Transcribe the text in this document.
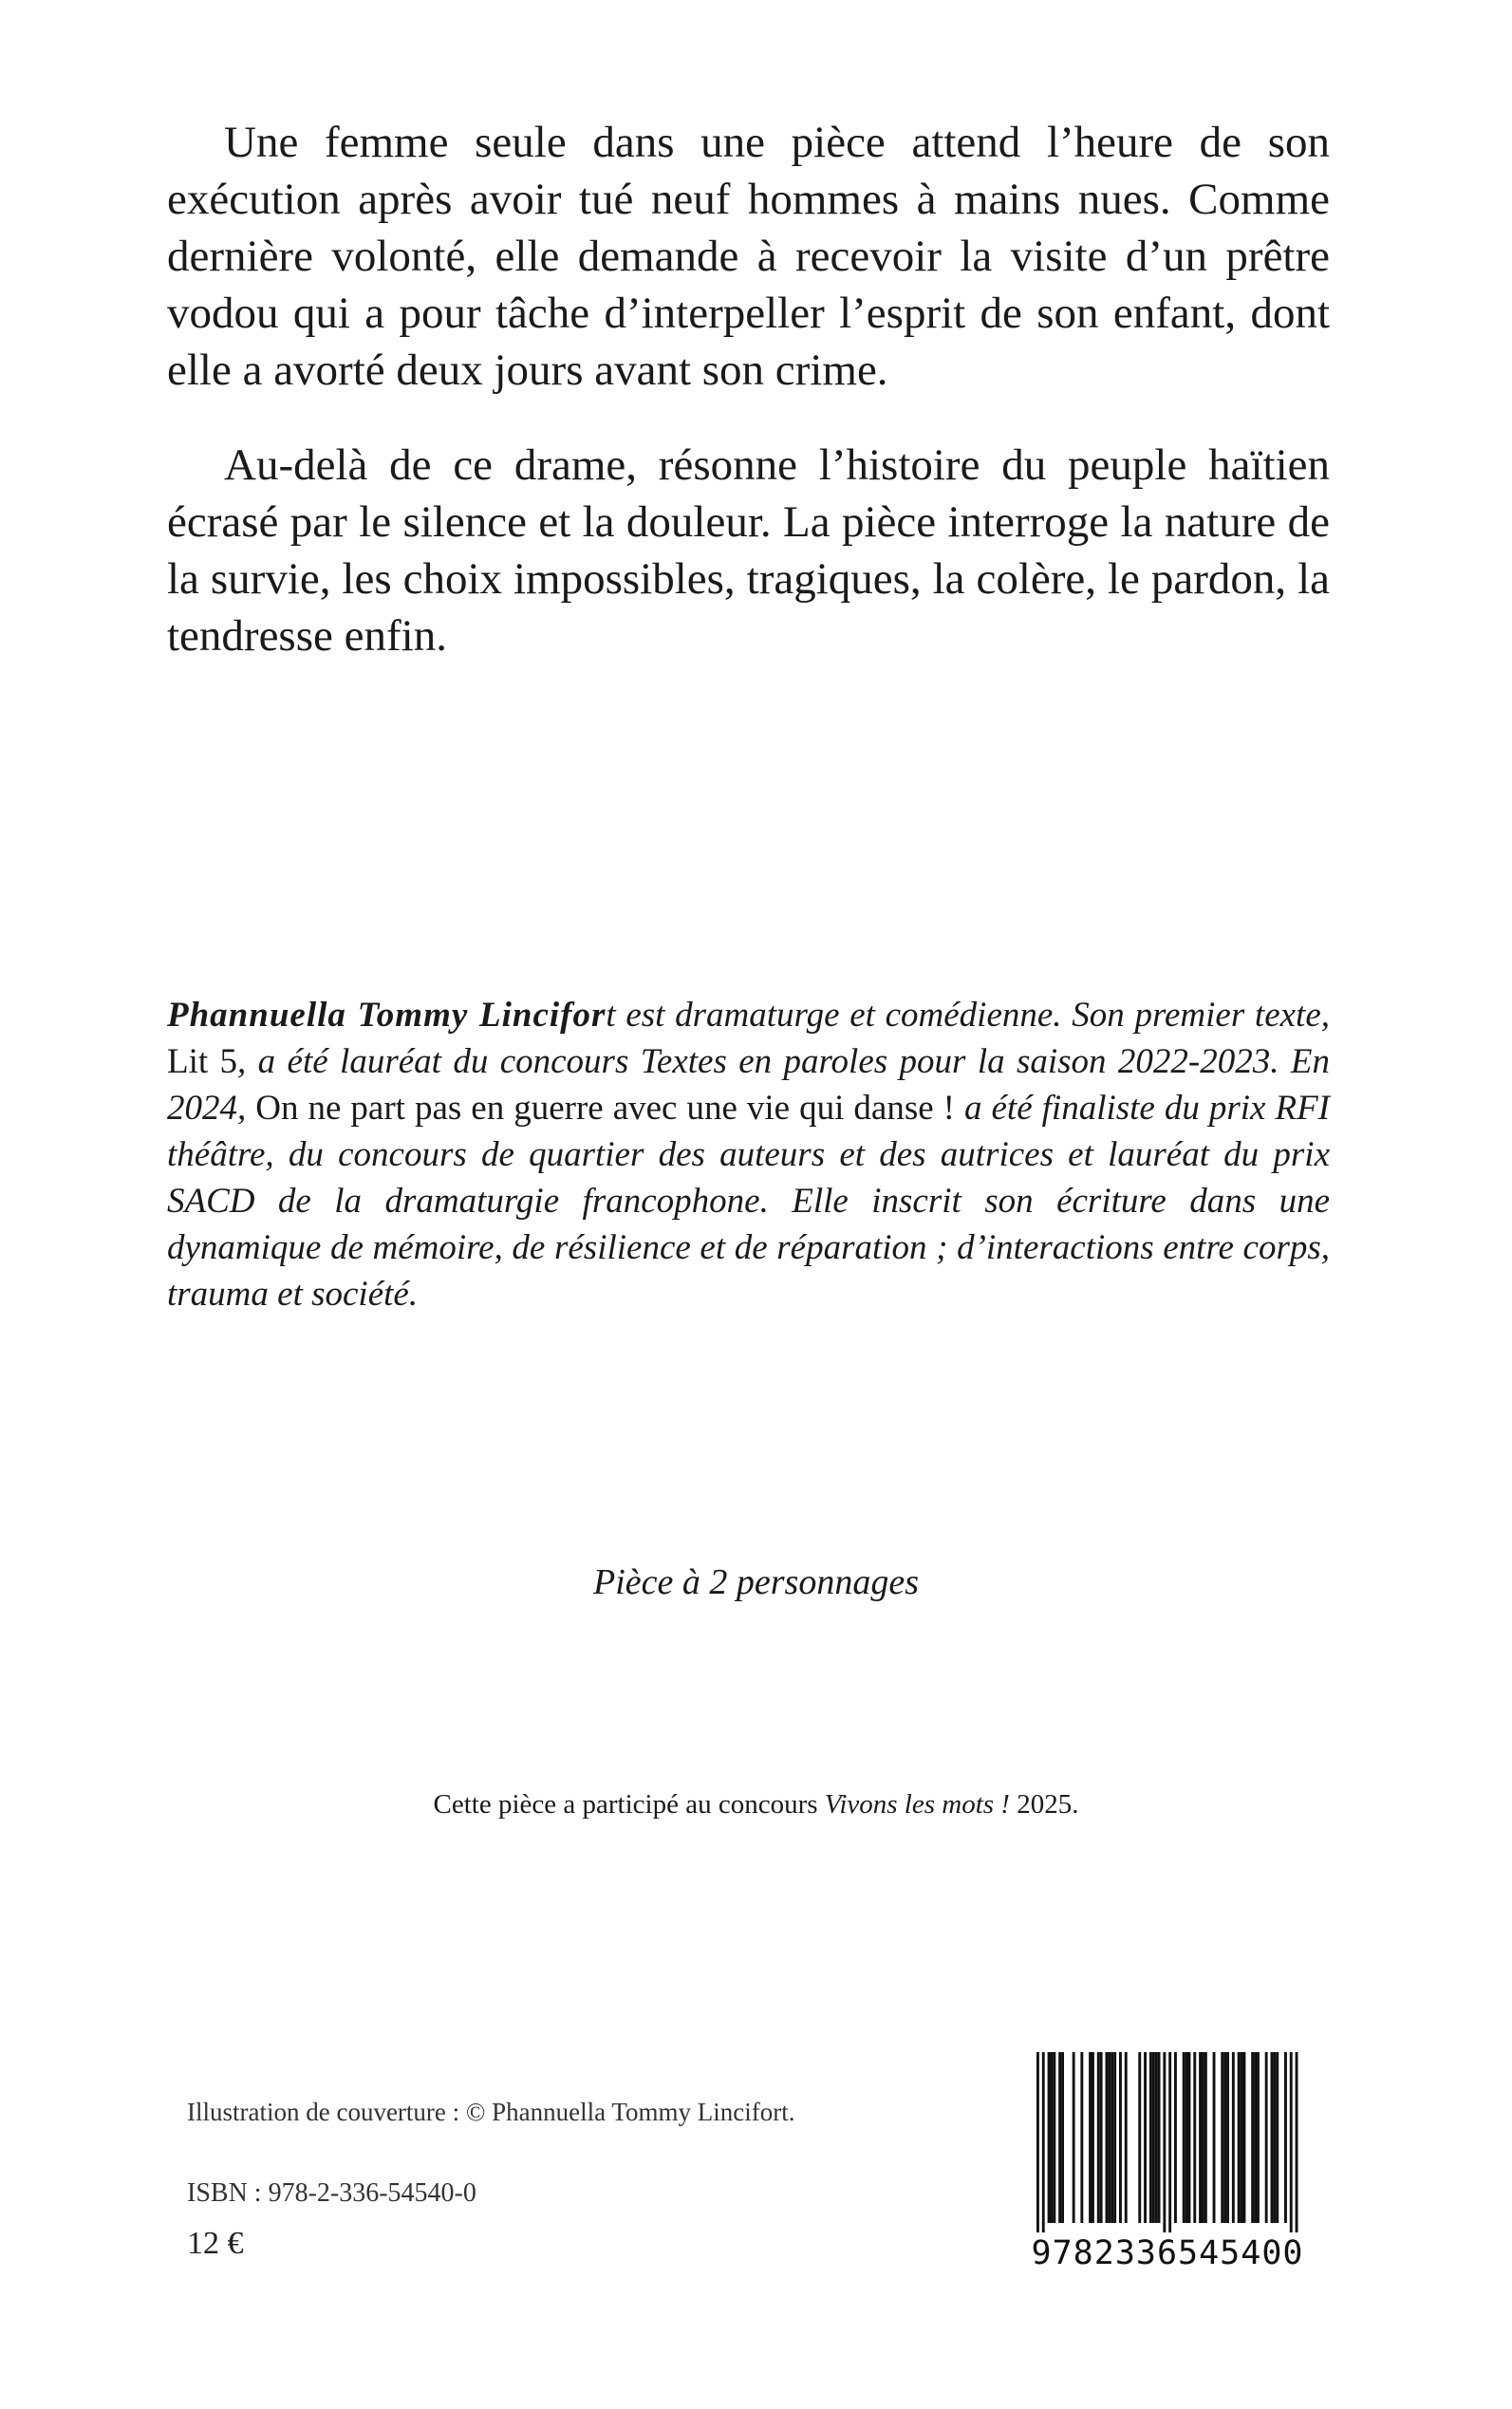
Une femme seule dans une pièce attend l’heure de son exécution après avoir tué neuf hommes à mains nues. Comme dernière volonté, elle demande à recevoir la visite d’un prêtre vodou qui a pour tâche d’interpeller l’esprit de son enfant, dont elle a avorté deux jours avant son crime.

Au-delà de ce drame, résonne l’histoire du peuple haïtien écrasé par le silence et la douleur. La pièce interroge la nature de la survie, les choix impossibles, tragiques, la colère, le pardon, la tendresse enfin.

Phannuella Tommy Lincifort est dramaturge et comédienne. Son premier texte, Lit 5, a été lauréat du concours Textes en paroles pour la saison 2022-2023. En 2024, On ne part pas en guerre avec une vie qui danse ! a été finaliste du prix RFI théâtre, du concours de quartier des auteurs et des autrices et lauréat du prix SACD de la dramaturgie francophone. Elle inscrit son écriture dans une dynamique de mémoire, de résilience et de réparation ; d’interactions entre corps, trauma et société.

Pièce à 2 personnages
Cette pièce a participé au concours Vivons les mots ! 2025.
Illustration de couverture : © Phannuella Tommy Lincifort.
ISBN : 978-2-336-54540-0
12 €	9782336545400
